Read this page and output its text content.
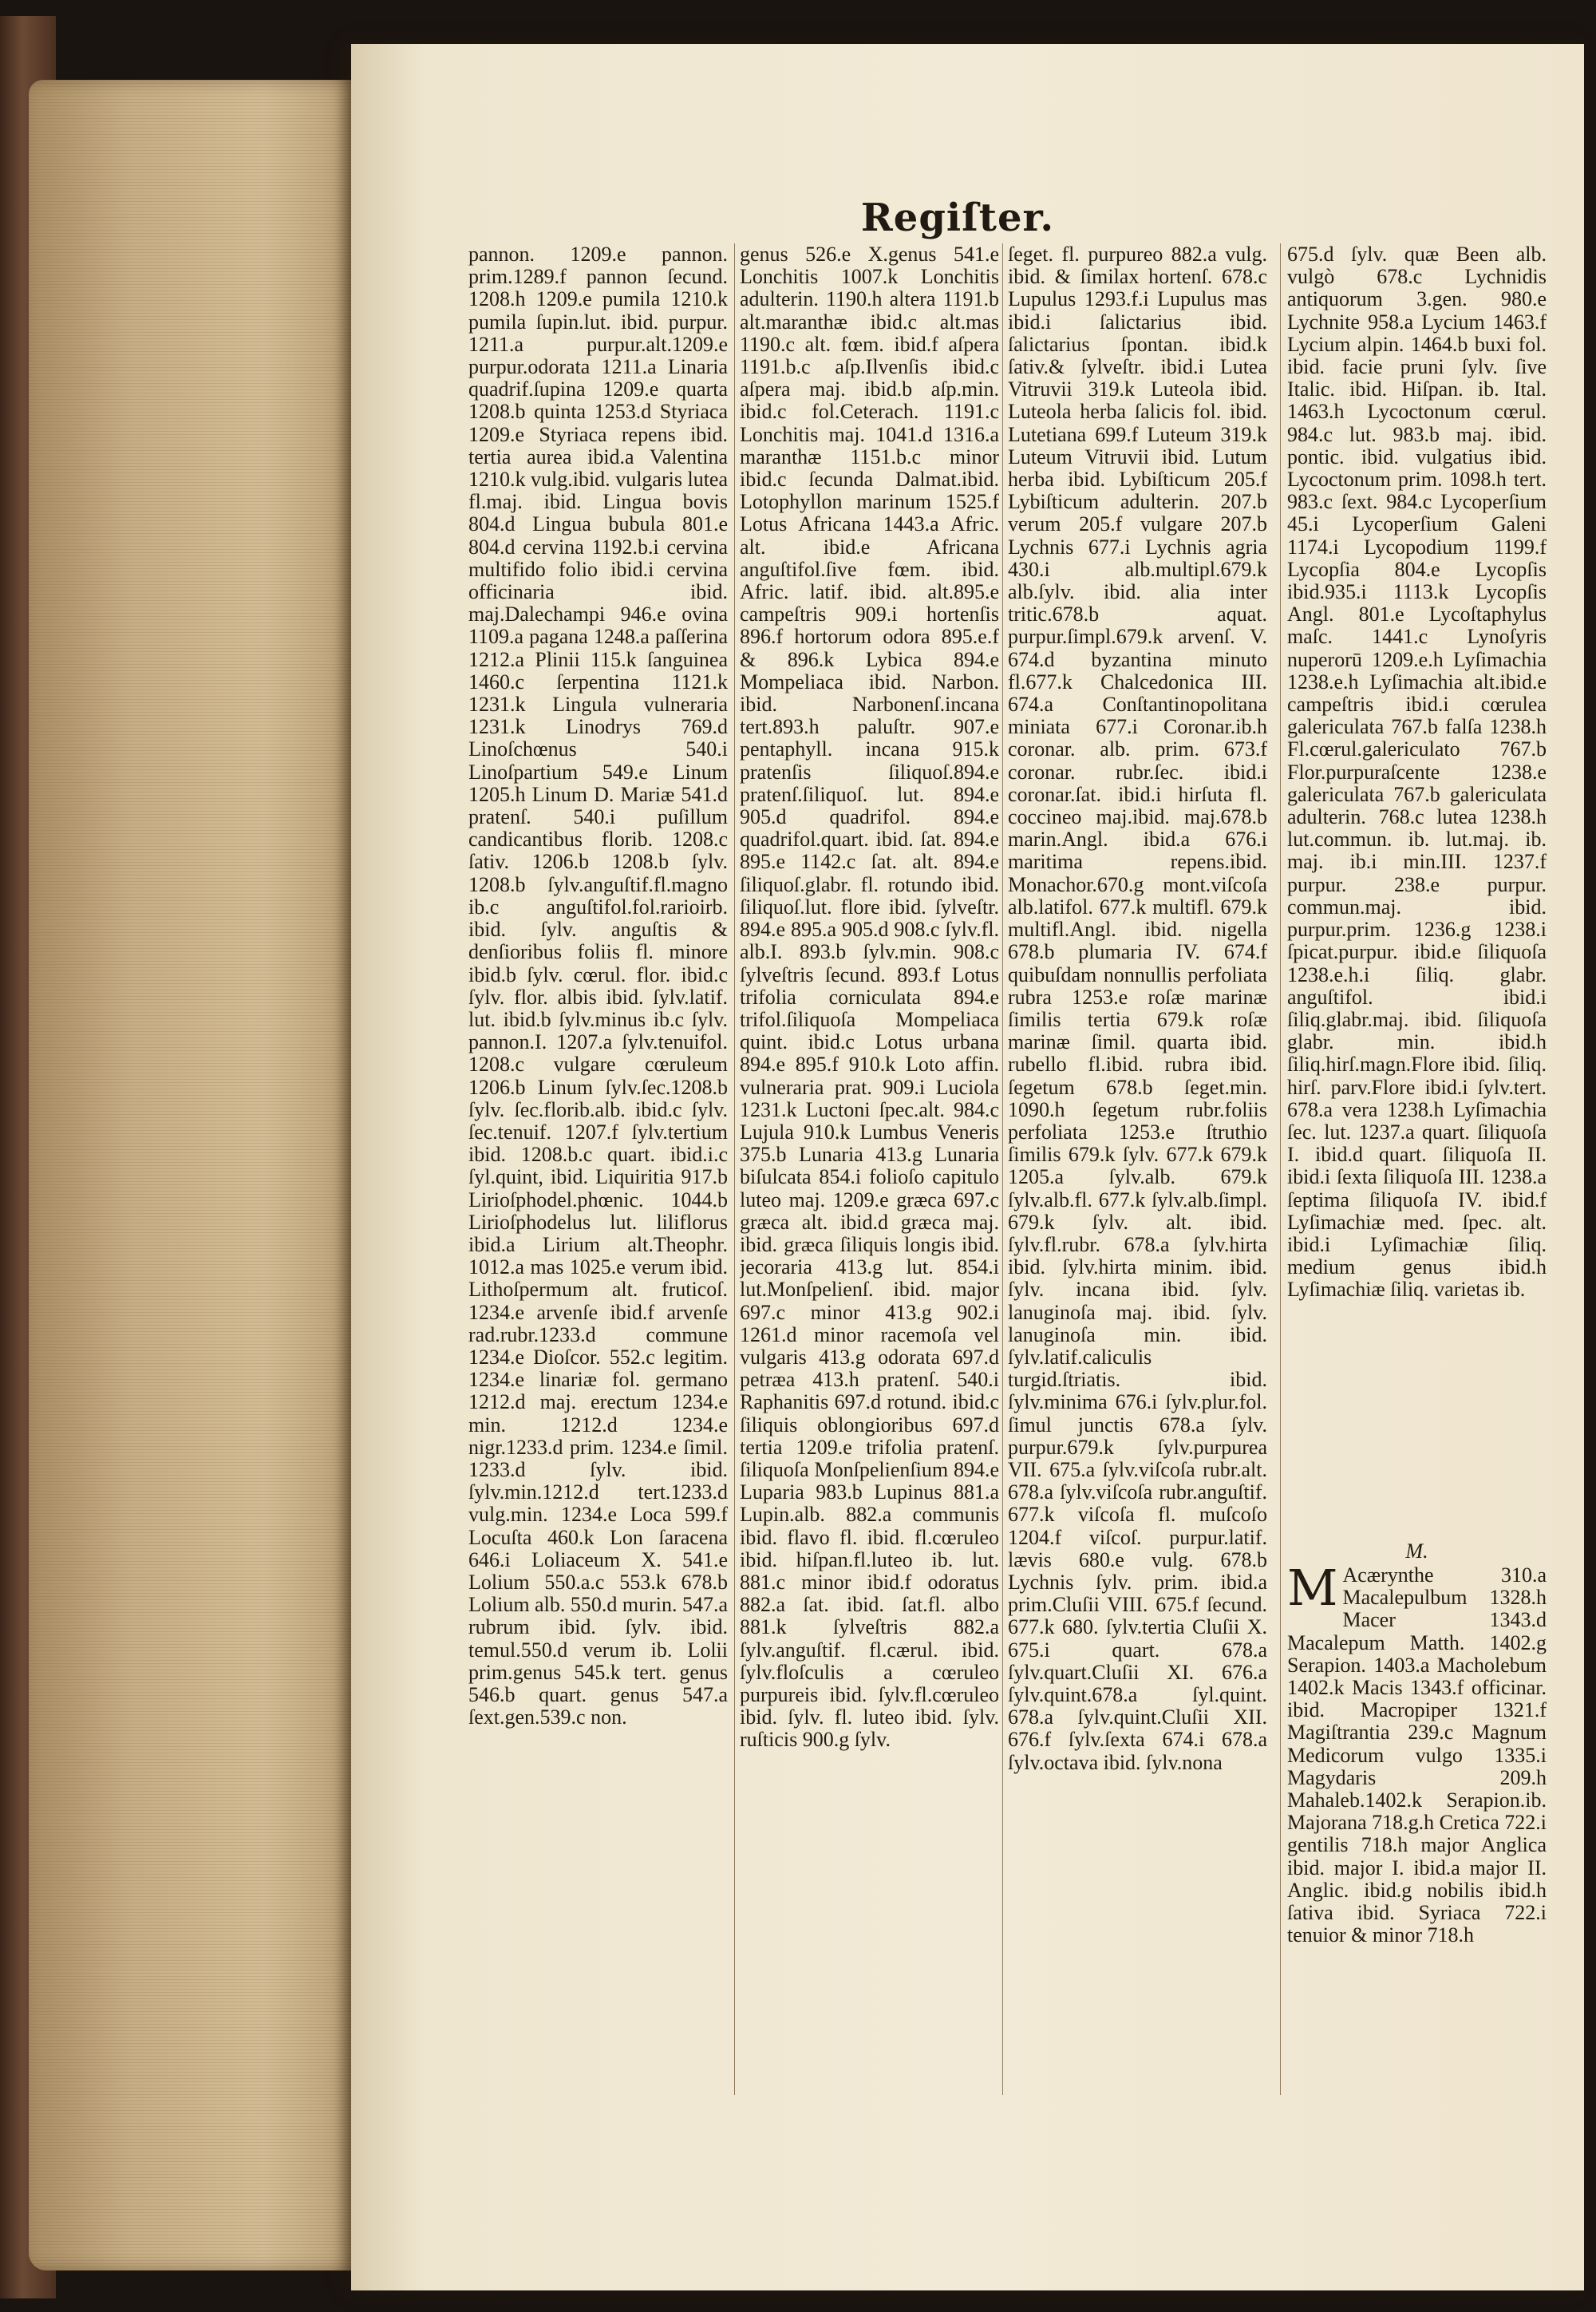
Regiſter.

pannon. 1209.e pannon. prim.1289.f pannon ſecund. 1208.h 1209.e pumila 1210.k pumila ſupin.lut. ibid. purpur. 1211.a purpur.alt.1209.e purpur.odorata 1211.a Linaria quadrif.ſupina 1209.e quarta 1208.b quinta 1253.d Styriaca 1209.e Styriaca repens ibid. tertia aurea ibid.a Valentina 1210.k vulg.ibid. vulgaris lutea fl.maj. ibid. Lingua bovis 804.d Lingua bubula 801.e 804.d cervina 1192.b.i cervina multifido folio ibid.i cervina officinaria ibid. maj.Dalechampi 946.e ovina 1109.a pagana 1248.a paſſerina 1212.a Plinii 115.k ſanguinea 1460.c ſerpentina 1121.k 1231.k Lingula vulneraria 1231.k Linodrys 769.d Linoſchœnus 540.i Linoſpartium 549.e Linum 1205.h Linum D. Mariæ 541.d pratenſ. 540.i puſillum candicantibus florib. 1208.c ſativ. 1206.b 1208.b ſylv. 1208.b ſylv.anguſtif.fl.magno ib.c anguſtifol.fol.rarioirb. ibid. ſylv. anguſtis & denſioribus foliis fl. minore ibid.b ſylv. cœrul. flor. ibid.c ſylv. flor. albis ibid. ſylv.latif. lut. ibid.b ſylv.minus ib.c ſylv. pannon.I. 1207.a ſylv.tenuifol. 1208.c vulgare cœruleum 1206.b Linum ſylv.ſec.1208.b ſylv. ſec.florib.alb. ibid.c ſylv. ſec.tenuif. 1207.f ſylv.tertium ibid. 1208.b.c quart. ibid.i.c ſyl.quint, ibid. Liquiritia 917.b Lirioſphodel.phœnic. 1044.b Lirioſphodelus lut. liliflorus ibid.a Lirium alt.Theophr. 1012.a mas 1025.e verum ibid. Lithoſpermum alt. fruticoſ. 1234.e arvenſe ibid.f arvenſe rad.rubr.1233.d commune 1234.e Dioſcor. 552.c legitim. 1234.e linariæ fol. germano 1212.d maj. erectum 1234.e min. 1212.d 1234.e nigr.1233.d prim. 1234.e ſimil. 1233.d ſylv. ibid. ſylv.min.1212.d tert.1233.d vulg.min. 1234.e Loca 599.f Locuſta 460.k Lon ſaracena 646.i Loliaceum X. 541.e Lolium 550.a.c 553.k 678.b Lolium alb. 550.d murin. 547.a rubrum ibid. ſylv. ibid. temul.550.d verum ib. Lolii prim.genus 545.k tert. genus 546.b quart. genus 547.a ſext.gen.539.c non.

genus 526.e X.genus 541.e Lonchitis 1007.k Lonchitis adulterin. 1190.h altera 1191.b alt.maranthæ ibid.c alt.mas 1190.c alt. fœm. ibid.f aſpera 1191.b.c aſp.Ilvenſis ibid.c aſpera maj. ibid.b aſp.min. ibid.c fol.Ceterach. 1191.c Lonchitis maj. 1041.d 1316.a maranthæ 1151.b.c minor ibid.c ſecunda Dalmat.ibid. Lotophyllon marinum 1525.f Lotus Africana 1443.a Afric. alt. ibid.e Africana anguſtifol.ſive fœm. ibid. Afric. latif. ibid. alt.895.e campeſtris 909.i hortenſis 896.f hortorum odora 895.e.f & 896.k Lybica 894.e Mompeliaca ibid. Narbon. ibid. Narbonenſ.incana tert.893.h paluſtr. 907.e pentaphyll. incana 915.k pratenſis ſiliquoſ.894.e pratenſ.ſiliquoſ. lut. 894.e 905.d quadrifol. 894.e quadrifol.quart. ibid. ſat. 894.e 895.e 1142.c ſat. alt. 894.e ſiliquoſ.glabr. fl. rotundo ibid. ſiliquoſ.lut. flore ibid. ſylveſtr. 894.e 895.a 905.d 908.c ſylv.fl. alb.I. 893.b ſylv.min. 908.c ſylveſtris ſecund. 893.f Lotus trifolia corniculata 894.e trifol.ſiliquoſa Mompeliaca quint. ibid.c Lotus urbana 894.e 895.f 910.k Loto affin. vulneraria prat. 909.i Luciola 1231.k Luctoni ſpec.alt. 984.c Lujula 910.k Lumbus Veneris 375.b Lunaria 413.g Lunaria biſulcata 854.i folioſo capitulo luteo maj. 1209.e græca 697.c græca alt. ibid.d græca maj. ibid. græca ſiliquis longis ibid. jecoraria 413.g lut. 854.i lut.Monſpelienſ. ibid. major 697.c minor 413.g 902.i 1261.d minor racemoſa vel vulgaris 413.g odorata 697.d petræa 413.h pratenſ. 540.i Raphanitis 697.d rotund. ibid.c ſiliquis oblongioribus 697.d tertia 1209.e trifolia pratenſ. ſiliquoſa Monſpelienſium 894.e Luparia 983.b Lupinus 881.a Lupin.alb. 882.a communis ibid. flavo fl. ibid. fl.cœruleo ibid. hiſpan.fl.luteo ib. lut. 881.c minor ibid.f odoratus 882.a ſat. ibid. ſat.fl. albo 881.k ſylveſtris 882.a ſylv.anguſtif. fl.cærul. ibid. ſylv.floſculis a cœruleo purpureis ibid. ſylv.fl.cœruleo ibid. ſylv. fl. luteo ibid. ſylv. ruſticis 900.g ſylv.

ſeget. fl. purpureo 882.a vulg. ibid. & ſimilax hortenſ. 678.c Lupulus 1293.f.i Lupulus mas ibid.i ſalictarius ibid. ſalictarius ſpontan. ibid.k ſativ.& ſylveſtr. ibid.i Lutea Vitruvii 319.k Luteola ibid. Luteola herba ſalicis fol. ibid. Lutetiana 699.f Luteum 319.k Luteum Vitruvii ibid. Lutum herba ibid. Lybiſticum 205.f Lybiſticum adulterin. 207.b verum 205.f vulgare 207.b Lychnis 677.i Lychnis agria 430.i alb.multipl.679.k alb.ſylv. ibid. alia inter tritic.678.b aquat. purpur.ſimpl.679.k arvenſ. V. 674.d byzantina minuto fl.677.k Chalcedonica III. 674.a Conſtantinopolitana miniata 677.i Coronar.ib.h coronar. alb. prim. 673.f coronar. rubr.ſec. ibid.i coronar.ſat. ibid.i hirſuta fl. coccineo maj.ibid. maj.678.b marin.Angl. ibid.a 676.i maritima repens.ibid. Monachor.670.g mont.viſcoſa alb.latifol. 677.k multifl. 679.k multifl.Angl. ibid. nigella 678.b plumaria IV. 674.f quibuſdam nonnullis perfoliata rubra 1253.e roſæ marinæ ſimilis tertia 679.k roſæ marinæ ſimil. quarta ibid. rubello fl.ibid. rubra ibid. ſegetum 678.b ſeget.min. 1090.h ſegetum rubr.foliis perfoliata 1253.e ſtruthio ſimilis 679.k ſylv. 677.k 679.k 1205.a ſylv.alb. 679.k ſylv.alb.fl. 677.k ſylv.alb.ſimpl. 679.k ſylv. alt. ibid. ſylv.fl.rubr. 678.a ſylv.hirta ibid. ſylv.hirta minim. ibid. ſylv. incana ibid. ſylv. lanuginoſa maj. ibid. ſylv. lanuginoſa min. ibid. ſylv.latif.caliculis turgid.ſtriatis. ibid. ſylv.minima 676.i ſylv.plur.fol. ſimul junctis 678.a ſylv. purpur.679.k ſylv.purpurea VII. 675.a ſylv.viſcoſa rubr.alt. 678.a ſylv.viſcoſa rubr.anguſtif. 677.k viſcoſa fl. muſcoſo 1204.f viſcoſ. purpur.latif. lævis 680.e vulg. 678.b Lychnis ſylv. prim. ibid.a prim.Cluſii VIII. 675.f ſecund. 677.k 680. ſylv.tertia Cluſii X. 675.i quart. 678.a ſylv.quart.Cluſii XI. 676.a ſylv.quint.678.a ſyl.quint. 678.a ſylv.quint.Cluſii XII. 676.f ſylv.ſexta 674.i 678.a ſylv.octava ibid. ſylv.nona

675.d ſylv. quæ Been alb. vulgò 678.c Lychnidis antiquorum 3.gen. 980.e Lychnite 958.a Lycium 1463.f Lycium alpin. 1464.b buxi fol. ibid. facie pruni ſylv. ſive Italic. ibid. Hiſpan. ib. Ital. 1463.h Lycoctonum cœrul. 984.c lut. 983.b maj. ibid. pontic. ibid. vulgatius ibid. Lycoctonum prim. 1098.h tert. 983.c ſext. 984.c Lycoperſium 45.i Lycoperſium Galeni 1174.i Lycopodium 1199.f Lycopſia 804.e Lycopſis ibid.935.i 1113.k Lycopſis Angl. 801.e Lycoſtaphylus maſc. 1441.c Lynoſyris nuperorū 1209.e.h Lyſimachia 1238.e.h Lyſimachia alt.ibid.e campeſtris ibid.i cœrulea galericulata 767.b falſa 1238.h Fl.cœrul.galericulato 767.b Flor.purpuraſcente 1238.e galericulata 767.b galericulata adulterin. 768.c lutea 1238.h lut.commun. ib. lut.maj. ib. maj. ib.i min.III. 1237.f purpur. 238.e purpur. commun.maj. ibid. purpur.prim. 1236.g 1238.i ſpicat.purpur. ibid.e ſiliquoſa 1238.e.h.i ſiliq. glabr. anguſtifol. ibid.i ſiliq.glabr.maj. ibid. ſiliquoſa glabr. min. ibid.h ſiliq.hirſ.magn.Flore ibid. ſiliq. hirſ. parv.Flore ibid.i ſylv.tert. 678.a vera 1238.h Lyſimachia ſec. lut. 1237.a quart. ſiliquoſa I. ibid.d quart. ſiliquoſa II. ibid.i ſexta ſiliquoſa III. 1238.a ſeptima ſiliquoſa IV. ibid.f Lyſimachiæ med. ſpec. alt. ibid.i Lyſimachiæ ſiliq. medium genus ibid.h Lyſimachiæ ſiliq. varietas ib.

M.

M Acærynthe 310.a Macalepulbum 1328.h Macer 1343.d Macalepum Matth. 1402.g Serapion. 1403.a Macholebum 1402.k Macis 1343.f officinar. ibid. Macropiper 1321.f Magiſtrantia 239.c Magnum Medicorum vulgo 1335.i Magydaris 209.h Mahaleb.1402.k Serapion.ib. Majorana 718.g.h Cretica 722.i gentilis 718.h major Anglica ibid. major I. ibid.a major II. Anglic. ibid.g nobilis ibid.h ſativa ibid. Syriaca 722.i tenuior & minor 718.h
